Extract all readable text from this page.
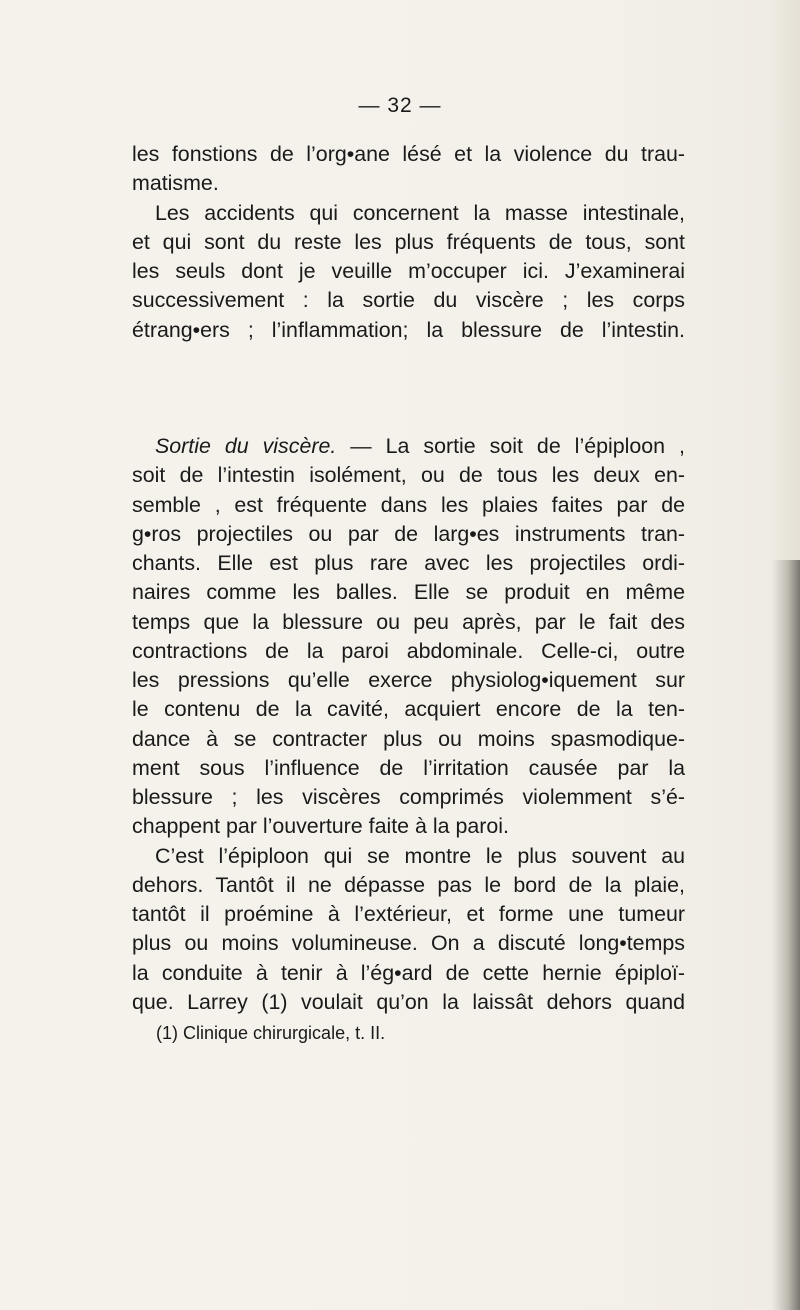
— 32 —
les fonstions de l’org•ane lésé et la violence du trau-
matisme.
Les accidents qui concernent la masse intestinale,
et qui sont du reste les plus fréquents de tous, sont
les seuls dont je veuille m’occuper ici. J’examinerai
successivement : la sortie du viscère ; les corps
étrang•ers ; l’inflammation; la blessure de l’intestin.
Sortie du viscère. — La sortie soit de l’épiploon ,
soit de l’intestin isolément, ou de tous les deux en-
semble , est fréquente dans les plaies faites par de
g•ros projectiles ou par de larg•es instruments tran-
chants. Elle est plus rare avec les projectiles ordi-
naires comme les balles. Elle se produit en même
temps que la blessure ou peu après, par le fait des
contractions de la paroi abdominale. Celle-ci, outre
les pressions qu’elle exerce physiolog•iquement sur
le contenu de la cavité, acquiert encore de la ten-
dance à se contracter plus ou moins spasmodique-
ment sous l’influence de l’irritation causée par la
blessure ; les viscères comprimés violemment s’é-
chappent par l’ouverture faite à la paroi.
C’est l’épiploon qui se montre le plus souvent au
dehors. Tantôt il ne dépasse pas le bord de la plaie,
tantôt il proémine à l’extérieur, et forme une tumeur
plus ou moins volumineuse. On a discuté long•temps
la conduite à tenir à l’ég•ard de cette hernie épiploï-
que. Larrey (1) voulait qu’on la laissât dehors quand
(1) Clinique chirurgicale, t. II.
